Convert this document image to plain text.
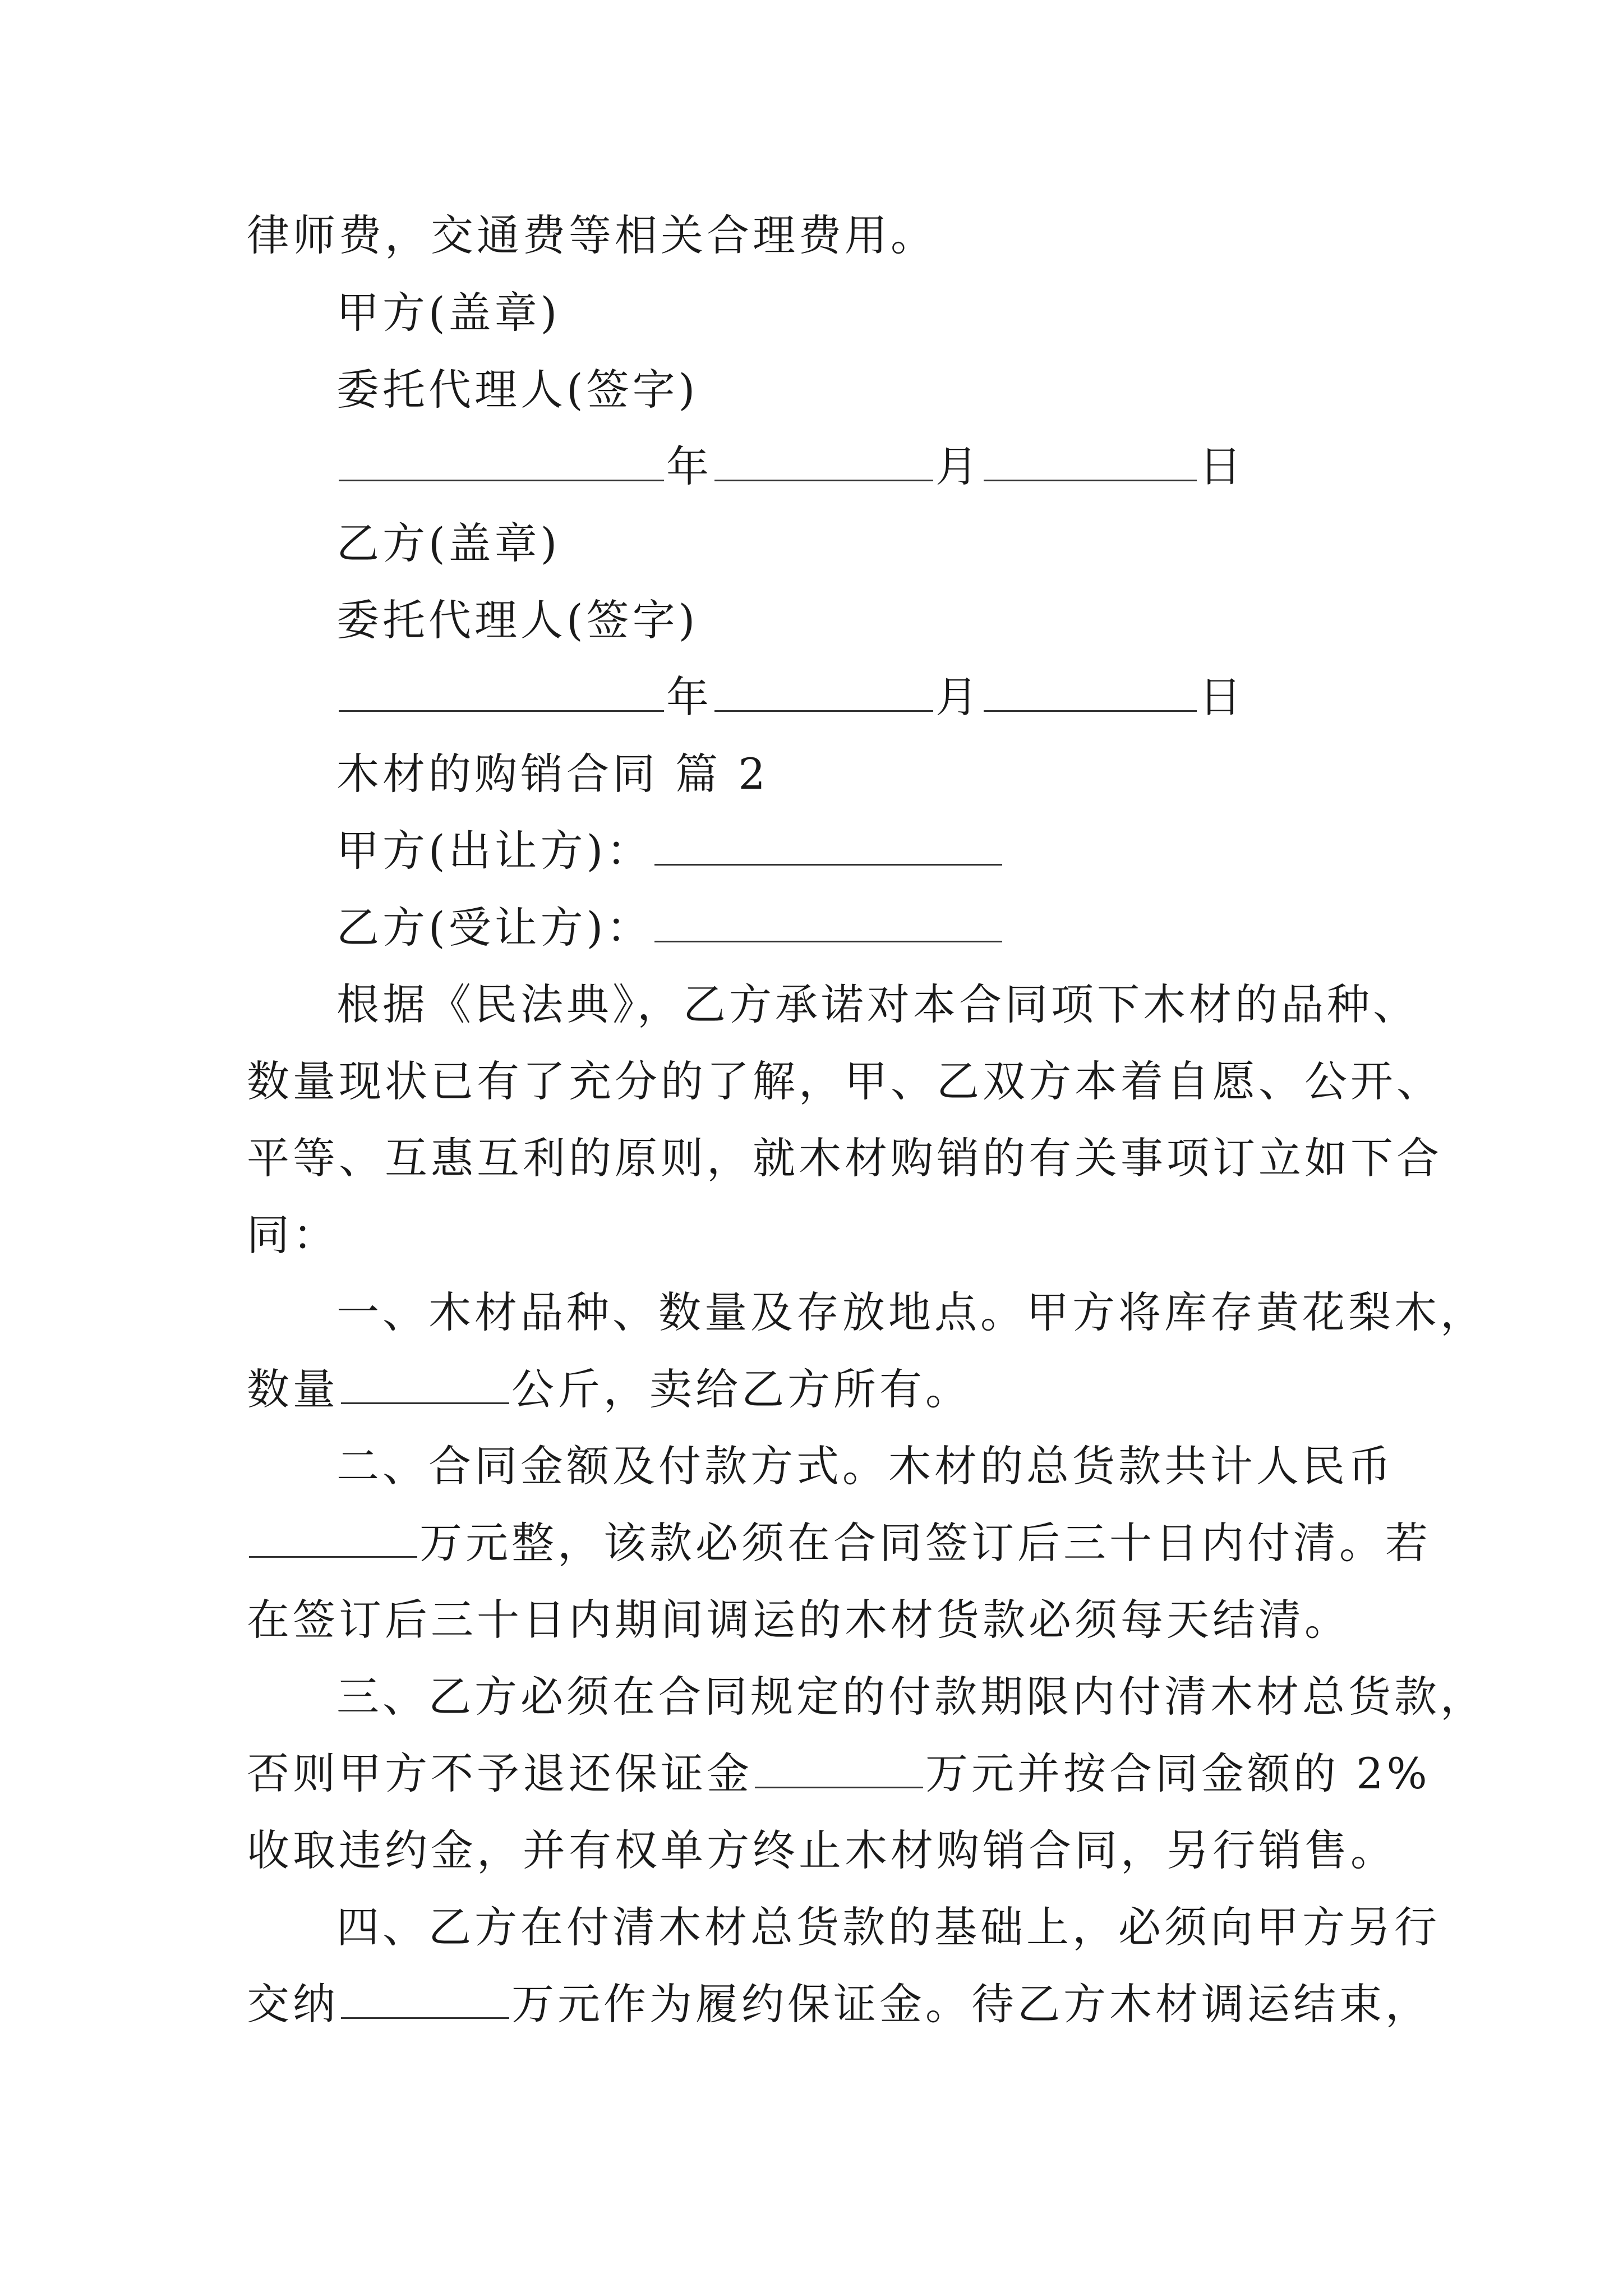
律师费，交通费等相关合理费用。
甲方(盖章)
委托代理人(签字)
年	月	日
乙方(盖章)
委托代理人(签字)
年	月	日
木材的购销合同 篇 2
甲方(出让方)：
乙方(受让方)：
根据《民法典》，乙方承诺对本合同项下木材的品种、
数量现状已有了充分的了解，甲、乙双方本着自愿、公开、
平等、互惠互利的原则，就木材购销的有关事项订立如下合
同：
一、木材品种、数量及存放地点。甲方将库存黄花梨木，
数量	公斤，卖给乙方所有。
二、合同金额及付款方式。木材的总货款共计人民币
万元整，该款必须在合同签订后三十日内付清。若
在签订后三十日内期间调运的木材货款必须每天结清。
三、乙方必须在合同规定的付款期限内付清木材总货款，
否则甲方不予退还保证金	万元并按合同金额的 2%
收取违约金，并有权单方终止木材购销合同，另行销售。
四、乙方在付清木材总货款的基础上，必须向甲方另行
交纳	万元作为履约保证金。待乙方木材调运结束，
